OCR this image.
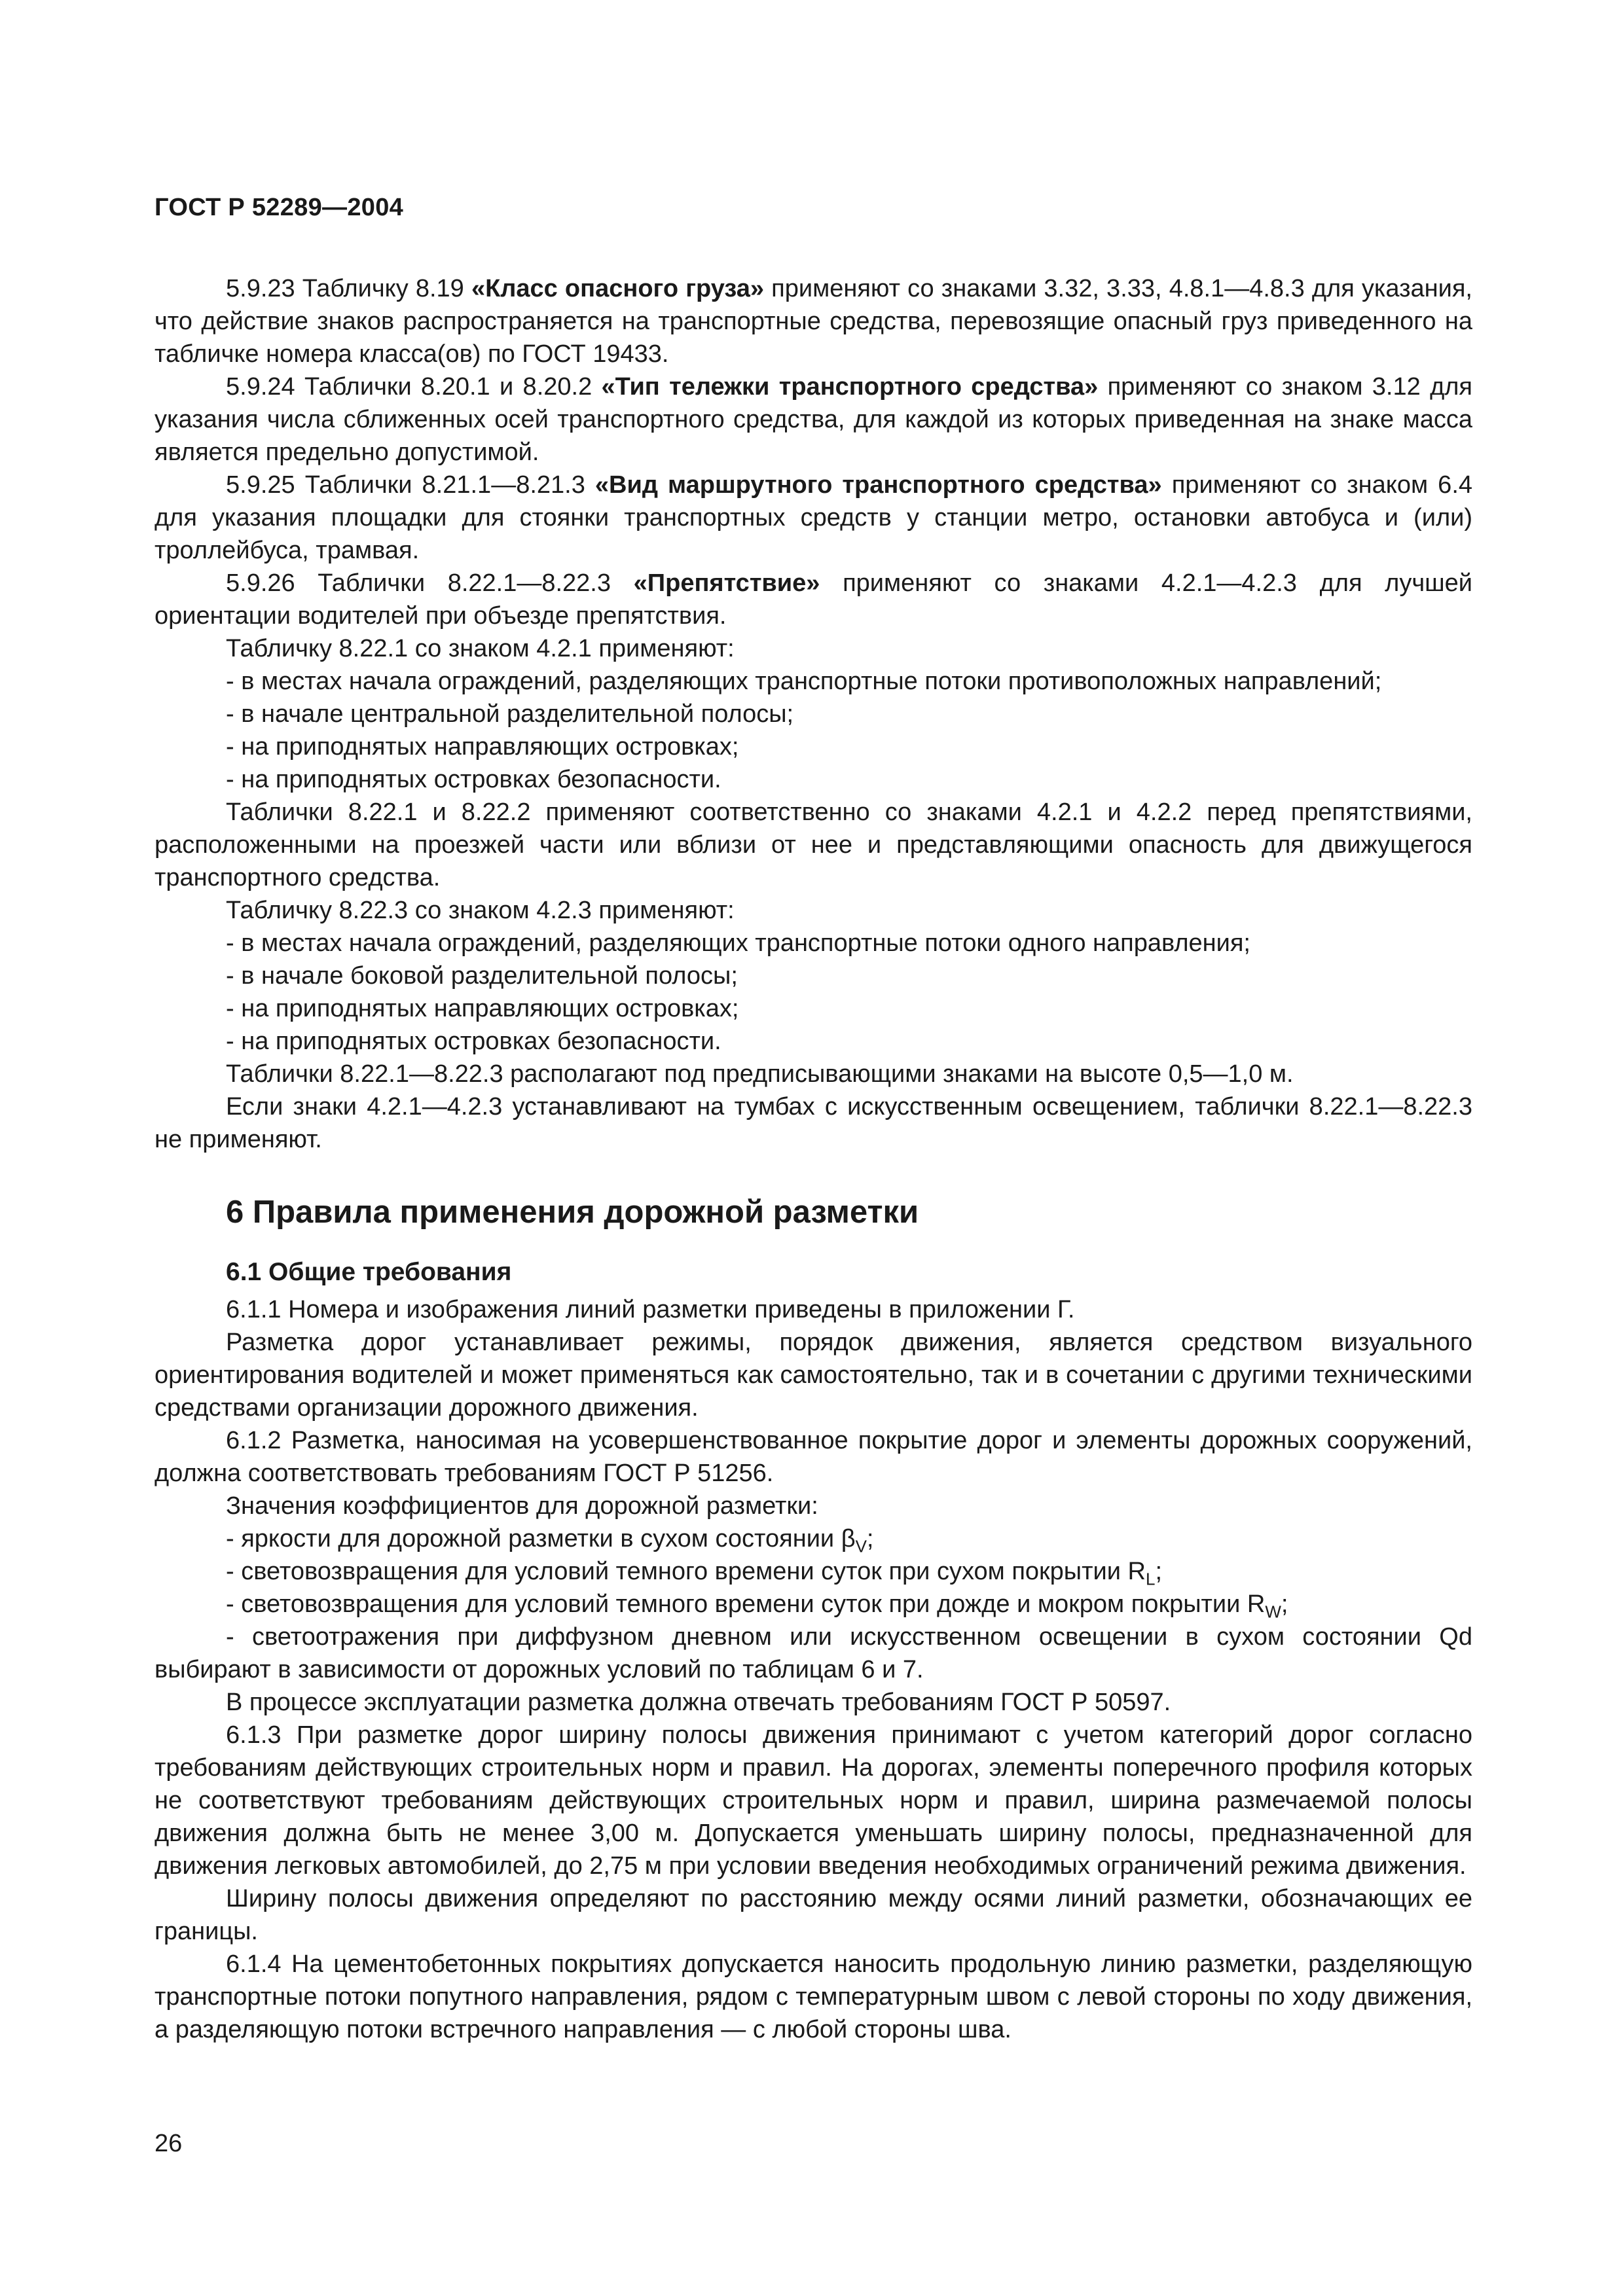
ГОСТ Р 52289—2004

5.9.23 Табличку 8.19 «Класс опасного груза» применяют со знаками 3.32, 3.33, 4.8.1—4.8.3 для указания, что действие знаков распространяется на транспортные средства, перевозящие опасный груз приведенного на табличке номера класса(ов) по ГОСТ 19433.

5.9.24 Таблички 8.20.1 и 8.20.2 «Тип тележки транспортного средства» применяют со знаком 3.12 для указания числа сближенных осей транспортного средства, для каждой из которых приведенная на знаке масса является предельно допустимой.

5.9.25 Таблички 8.21.1—8.21.3 «Вид маршрутного транспортного средства» применяют со знаком 6.4 для указания площадки для стоянки транспортных средств у станции метро, остановки автобуса и (или) троллейбуса, трамвая.

5.9.26 Таблички 8.22.1—8.22.3 «Препятствие» применяют со знаками 4.2.1—4.2.3 для лучшей ориентации водителей при объезде препятствия.

Табличку 8.22.1 со знаком 4.2.1 применяют:

- в местах начала ограждений, разделяющих транспортные потоки противоположных направлений;

- в начале центральной разделительной полосы;

- на приподнятых направляющих островках;

- на приподнятых островках безопасности.

Таблички 8.22.1 и 8.22.2 применяют соответственно со знаками 4.2.1 и 4.2.2 перед препятствиями, расположенными на проезжей части или вблизи от нее и представляющими опасность для движущегося транспортного средства.

Табличку 8.22.3 со знаком 4.2.3 применяют:

- в местах начала ограждений, разделяющих транспортные потоки одного направления;

- в начале боковой разделительной полосы;

- на приподнятых направляющих островках;

- на приподнятых островках безопасности.

Таблички 8.22.1—8.22.3 располагают под предписывающими знаками на высоте 0,5—1,0 м.

Если знаки 4.2.1—4.2.3 устанавливают на тумбах с искусственным освещением, таблички 8.22.1—8.22.3 не применяют.

6 Правила применения дорожной разметки
6.1 Общие требования

6.1.1 Номера и изображения линий разметки приведены в приложении Г.

Разметка дорог устанавливает режимы, порядок движения, является средством визуального ориентирования водителей и может применяться как самостоятельно, так и в сочетании с другими техническими средствами организации дорожного движения.

6.1.2 Разметка, наносимая на усовершенствованное покрытие дорог и элементы дорожных сооружений, должна соответствовать требованиям ГОСТ Р 51256.

Значения коэффициентов для дорожной разметки:

- яркости для дорожной разметки в сухом состоянии $\beta_V$;

- световозвращения для условий темного времени суток при сухом покрытии $R_L$;

- световозвращения для условий темного времени суток при дожде и мокром покрытии $R_W$;

- светоотражения при диффузном дневном или искусственном освещении в сухом состоянии Qd выбирают в зависимости от дорожных условий по таблицам 6 и 7.

В процессе эксплуатации разметка должна отвечать требованиям ГОСТ Р 50597.

6.1.3 При разметке дорог ширину полосы движения принимают с учетом категорий дорог согласно требованиям действующих строительных норм и правил. На дорогах, элементы поперечного профиля которых не соответствуют требованиям действующих строительных норм и правил, ширина размечаемой полосы движения должна быть не менее 3,00 м. Допускается уменьшать ширину полосы, предназначенной для движения легковых автомобилей, до 2,75 м при условии введения необходимых ограничений режима движения.

Ширину полосы движения определяют по расстоянию между осями линий разметки, обозначающих ее границы.

6.1.4 На цементобетонных покрытиях допускается наносить продольную линию разметки, разделяющую транспортные потоки попутного направления, рядом с температурным швом с левой стороны по ходу движения, а разделяющую потоки встречного направления — с любой стороны шва.

26
